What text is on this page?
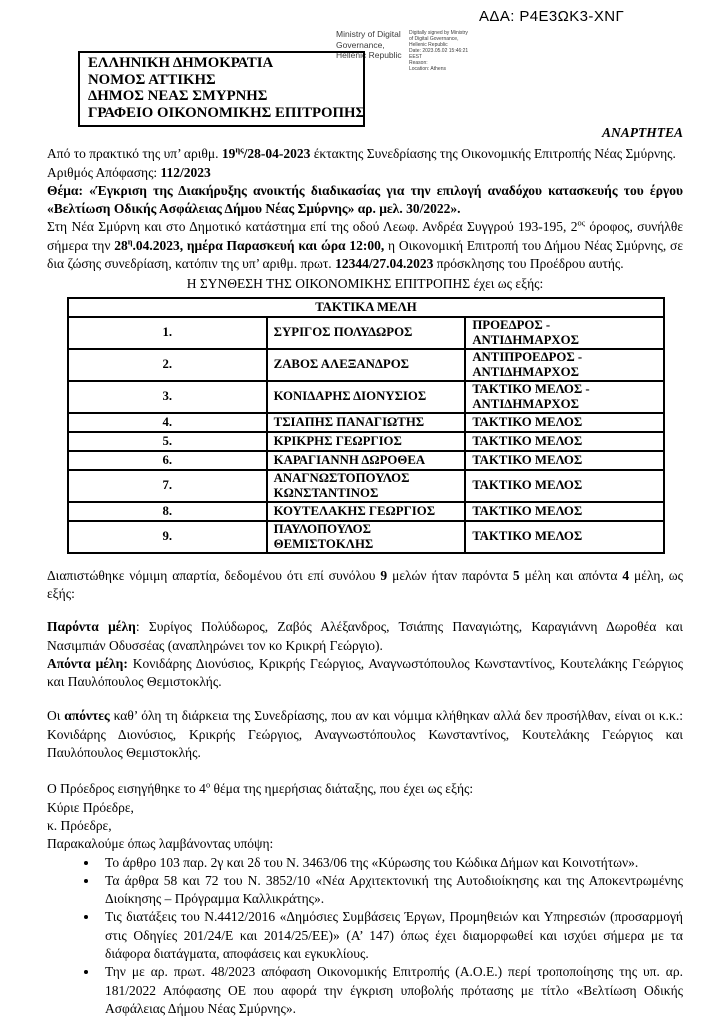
ΑΔΑ: Ρ4Ε3ΩΚ3-ΧΝΓ
Ministry of Digital
Governance,
Hellenic Republic
Digitally signed by Ministry
of Digital Governance,
Hellenic Republic
Date: 2023.05.02 15:46:21
EEST
Reason:
Location: Athens
ΕΛΛΗΝΙΚΗ ΔΗΜΟΚΡΑΤΙΑ
ΝΟΜΟΣ ΑΤΤΙΚΗΣ
ΔΗΜΟΣ ΝΕΑΣ ΣΜΥΡΝΗΣ
ΓΡΑΦΕΙΟ ΟΙΚΟΝΟΜΙΚΗΣ ΕΠΙΤΡΟΠΗΣ

ΑΝΑΡΤΗΤΕΑ

Από το πρακτικό της υπ’ αριθμ. $19^{\eta\varsigma}/28-04-2023$ έκτακτης Συνεδρίασης της Οικονομικής Επιτροπής Νέας Σμύρνης.

Αριθμός Απόφασης: 112/2023

Θέμα: «Έγκριση της Διακήρυξης ανοικτής διαδικασίας για την επιλογή αναδόχου κατασκευής του έργου «Βελτίωση Οδικής Ασφάλειας Δήμου Νέας Σμύρνης» αρ. μελ. 30/2022».

Στη Νέα Σμύρνη και στο Δημοτικό κατάστημα επί της οδού Λεωφ. Ανδρέα Συγγρού 193-195, $2^{o\varsigma}$ όροφος, συνήλθε σήμερα την $28^\eta.04.2023$, ημέρα Παρασκευή και ώρα 12:00, η Οικονομική Επιτροπή του Δήμου Νέας Σμύρνης, σε δια ζώσης συνεδρίαση, κατόπιν της υπ’ αριθμ. πρωτ. 12344/27.04.2023 πρόσκλησης του Προέδρου αυτής.

Η ΣΥΝΘΕΣΗ ΤΗΣ ΟΙΚΟΝΟΜΙΚΗΣ ΕΠΙΤΡΟΠΗΣ έχει ως εξής:

ΤΑΚΤΙΚΑ ΜΕΛΗ		
1.	ΣΥΡΙΓΟΣ ΠΟΛΥΔΩΡΟΣ	ΠΡΟΕΔΡΟΣ - ΑΝΤΙΔΗΜΑΡΧΟΣ
2.	ΖΑΒΟΣ ΑΛΕΞΑΝΔΡΟΣ	ΑΝΤΙΠΡΟΕΔΡΟΣ - ΑΝΤΙΔΗΜΑΡΧΟΣ
3.	ΚΟΝΙΔΑΡΗΣ ΔΙΟΝΥΣΙΟΣ	ΤΑΚΤΙΚΟ ΜΕΛΟΣ - ΑΝΤΙΔΗΜΑΡΧΟΣ
4.	ΤΣΙΑΠΗΣ ΠΑΝΑΓΙΩΤΗΣ	ΤΑΚΤΙΚΟ ΜΕΛΟΣ
5.	ΚΡΙΚΡΗΣ ΓΕΩΡΓΙΟΣ	ΤΑΚΤΙΚΟ ΜΕΛΟΣ
6.	ΚΑΡΑΓΙΑΝΝΗ ΔΩΡΟΘΕΑ	ΤΑΚΤΙΚΟ ΜΕΛΟΣ
7.	ΑΝΑΓΝΩΣΤΟΠΟΥΛΟΣ ΚΩΝΣΤΑΝΤΙΝΟΣ	ΤΑΚΤΙΚΟ ΜΕΛΟΣ
8.	ΚΟΥΤΕΛΑΚΗΣ ΓΕΩΡΓΙΟΣ	ΤΑΚΤΙΚΟ ΜΕΛΟΣ
9.	ΠΑΥΛΟΠΟΥΛΟΣ ΘΕΜΙΣΤΟΚΛΗΣ	ΤΑΚΤΙΚΟ ΜΕΛΟΣ

Διαπιστώθηκε νόμιμη απαρτία, δεδομένου ότι επί συνόλου 9 μελών ήταν παρόντα 5 μέλη και απόντα 4 μέλη, ως εξής:

Παρόντα μέλη: Συρίγος Πολύδωρος, Ζαβός Αλέξανδρος, Τσιάπης Παναγιώτης, Καραγιάννη Δωροθέα και Νασιμπιάν Οδυσσέας (αναπληρώνει τον κο Κρικρή Γεώργιο).

Απόντα μέλη: Κονιδάρης Διονύσιος, Κρικρής Γεώργιος, Αναγνωστόπουλος Κωνσταντίνος, Κουτελάκης Γεώργιος και Παυλόπουλος Θεμιστοκλής.

Οι απόντες καθ’ όλη τη διάρκεια της Συνεδρίασης, που αν και νόμιμα κλήθηκαν αλλά δεν προσήλθαν, είναι οι κ.κ.: Κονιδάρης Διονύσιος, Κρικρής Γεώργιος, Αναγνωστόπουλος Κωνσταντίνος, Κουτελάκης Γεώργιος και Παυλόπουλος Θεμιστοκλής.

Ο Πρόεδρος εισηγήθηκε το $4^o$ θέμα της ημερήσιας διάταξης, που έχει ως εξής:

Κύριε Πρόεδρε,

κ. Πρόεδρε,

Παρακαλούμε όπως λαμβάνοντας υπόψη:

• Το άρθρο 103 παρ. 2γ και 2δ του Ν. 3463/06 της «Κύρωσης του Κώδικα Δήμων και Κοινοτήτων».
• Τα άρθρα 58 και 72 του Ν. 3852/10 «Νέα Αρχιτεκτονική της Αυτοδιοίκησης και της Αποκεντρωμένης Διοίκησης – Πρόγραμμα Καλλικράτης».
• Τις διατάξεις του Ν.4412/2016 «Δημόσιες Συμβάσεις Έργων, Προμηθειών και Υπηρεσιών (προσαρμογή στις Οδηγίες 201/24/Ε και 2014/25/ΕΕ)» (Α’ 147) όπως έχει διαμορφωθεί και ισχύει σήμερα με τα διάφορα διατάγματα, αποφάσεις και εγκυκλίους.
• Την με αρ. πρωτ. 48/2023 απόφαση Οικονομικής Επιτροπής (Α.Ο.Ε.) περί τροποποίησης της υπ. αρ. 181/2022 Απόφασης ΟΕ που αφορά την έγκριση υποβολής πρότασης με τίτλο «Βελτίωση Οδικής Ασφάλειας Δήμου Νέας Σμύρνης».
